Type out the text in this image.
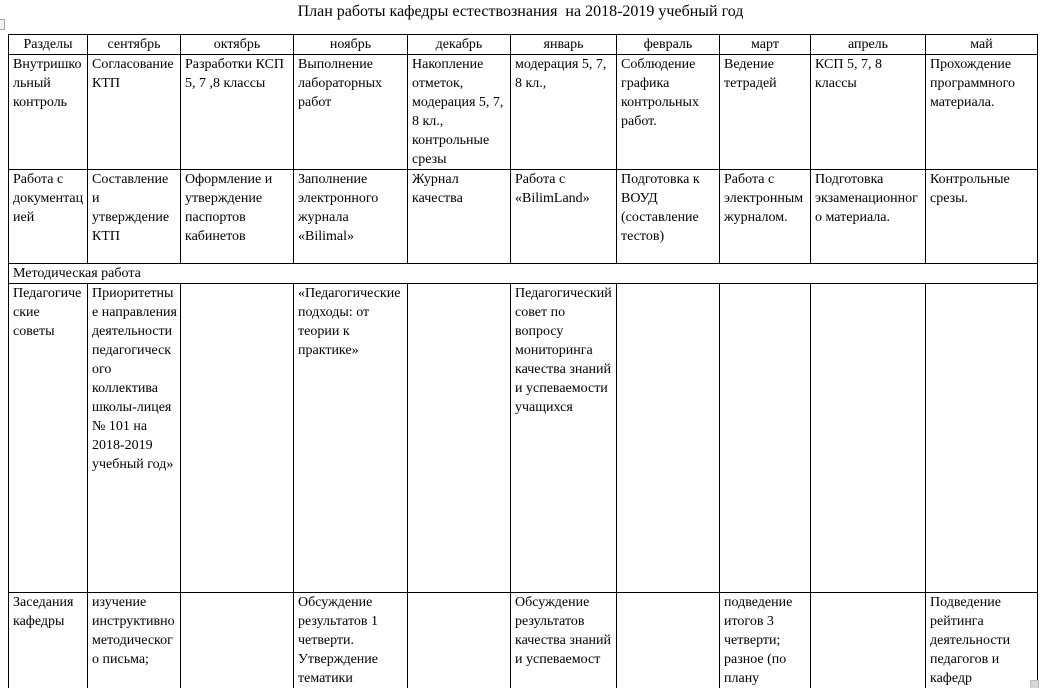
План работы кафедры естествознания  на 2018-2019 учебный год
Разделы	сентябрь	октябрь	ноябрь	декабрь	январь	февраль	март	апрель	май
Внутришкольный контроль	Согласование КТП	Разработки КСП 5, 7 ,8 классы	Выполнение лабораторных работ	Накопление отметок, модерация 5, 7, 8 кл., контрольные срезы	модерация 5, 7, 8 кл.,	Соблюдение графика контрольных работ.	Ведение тетрадей	КСП 5, 7, 8 классы	Прохождение программного материала.
Работа с документацией	Составление и утверждение КТП	Оформление и утверждение паспортов кабинетов	Заполнение электронного журнала «Bilimal»	Журнал качества	Работа с «BilimLand»	Подготовка к ВОУД (составление тестов)	Работа с электронным журналом.	Подготовка экзаменационного материала.	Контрольные срезы.
Методическая работа									
Педагогические советы	Приоритетные направления деятельности педагогического коллектива школы-лицея № 101 на 2018-2019 учебный год»		«Педагогические подходы: от теории к практике»		Педагогический совет по вопросу мониторинга качества знаний и успеваемости учащихся				
Заседания кафедры	изучение инструктивно методического письма;		Обсуждение результатов 1 четверти. Утверждение тематики		Обсуждение результатов качества знаний и успеваемост		подведение итогов 3 четверти; разное (по плану		Подведение рейтинга деятельности педагогов и кафедр
